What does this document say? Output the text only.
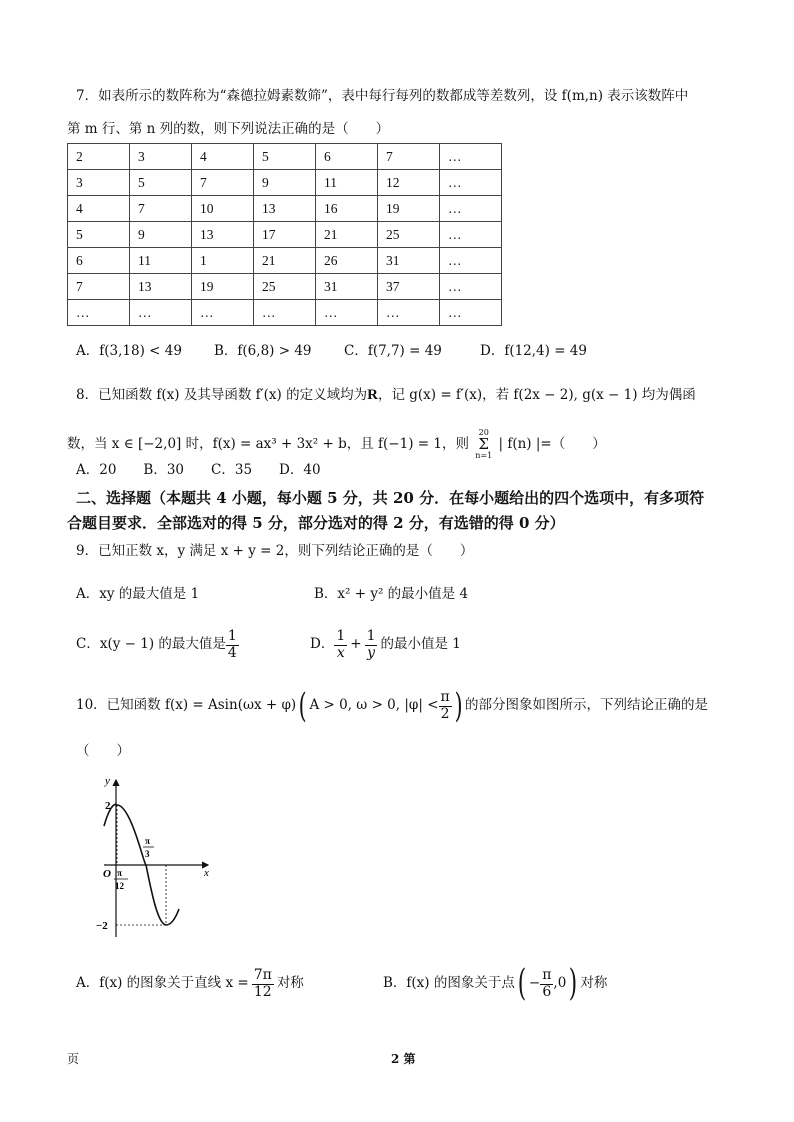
7．如表所示的数阵称为“森德拉姆素数筛”，表中每行每列的数都成等差数列，设 f(m,n) 表示该数阵中
第 m 行、第 n 列的数，则下列说法正确的是（　　）
2	3	4	5	6	7	…
3	5	7	9	11	12	…
4	7	10	13	16	19	…
5	9	13	17	21	25	…
6	11	1	21	26	31	…
7	13	19	25	31	37	…
…	…	…	…	…	…	…
A．f(3,18) < 49 B．f(6,8) > 49 C．f(7,7) = 49	D．f(12,4) = 49
8．已知函数 f(x) 及其导函数 f′(x) 的定义域均为R，记 g(x) = f′(x)，若 f(2x − 2), g(x − 1) 均为偶函
数，当 x ∈ [−2,0] 时，f(x) = ax³ + 3x² + b，且 f(−1) = 1，则
20
Σ
n=1
| f(n) |=（　　）
A．20　　B．30　　C．35　　D．40
二、选择题（本题共 4 小题，每小题 5 分，共 20 分．在每小题给出的四个选项中，有多项符
合题目要求．全部选对的得 5 分，部分选对的得 2 分，有选错的得 0 分）
9．已知正数 x，y 满足 x + y = 2，则下列结论正确的是（　　）
A．xy 的最大值是 1	B．x² + y² 的最小值是 4
C．x(y − 1) 的最大值是 $\frac{1}{4}$	D． $\frac{1}{x} + \frac{1}{y}$ 的最小值是 1
10．已知函数 f(x) = Asin(ωx + φ) ( A > 0, ω > 0, $|\varphi| < \frac{\pi}{2}$ ) 的部分图象如图所示，下列结论正确的是
（　　）
y
x
O
2
−2
π
12
π
3
A．f(x) 的图象关于直线 $x = \frac{7\pi}{12}$ 对称	B．f(x) 的图象关于点 ( − $\frac{\pi}{6} ,0$ ) 对称
页	2 第
